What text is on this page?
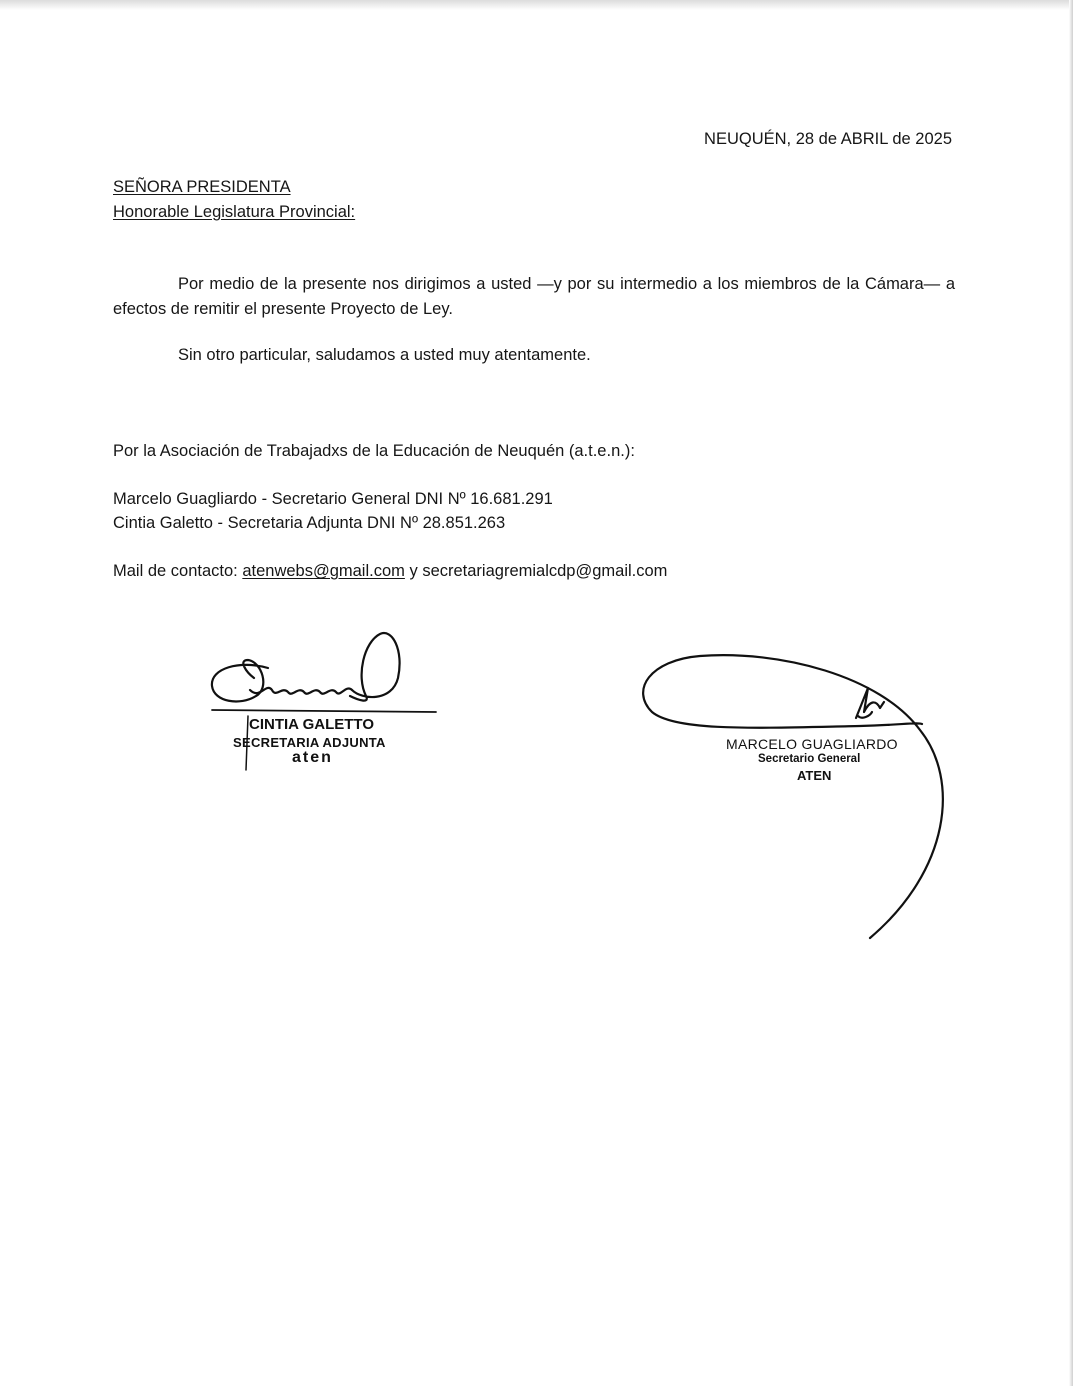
NEUQUÉN, 28 de ABRIL de 2025
SEÑORA PRESIDENTA
Honorable Legislatura Provincial:
Por medio de la presente nos dirigimos a usted —y por su intermedio a los miembros de la Cámara— a efectos de remitir el presente Proyecto de Ley.
Sin otro particular, saludamos a usted muy atentamente.
Por la Asociación de Trabajadxs de la Educación de Neuquén (a.t.e.n.):
Marcelo Guagliardo - Secretario General DNI Nº 16.681.291
Cintia Galetto - Secretaria Adjunta DNI Nº 28.851.263
Mail de contacto: atenwebs@gmail.com y secretariagremialcdp@gmail.com
CINTIA GALETTO
SECRETARIA ADJUNTA
aten
MARCELO GUAGLIARDO
Secretario General
ATEN
